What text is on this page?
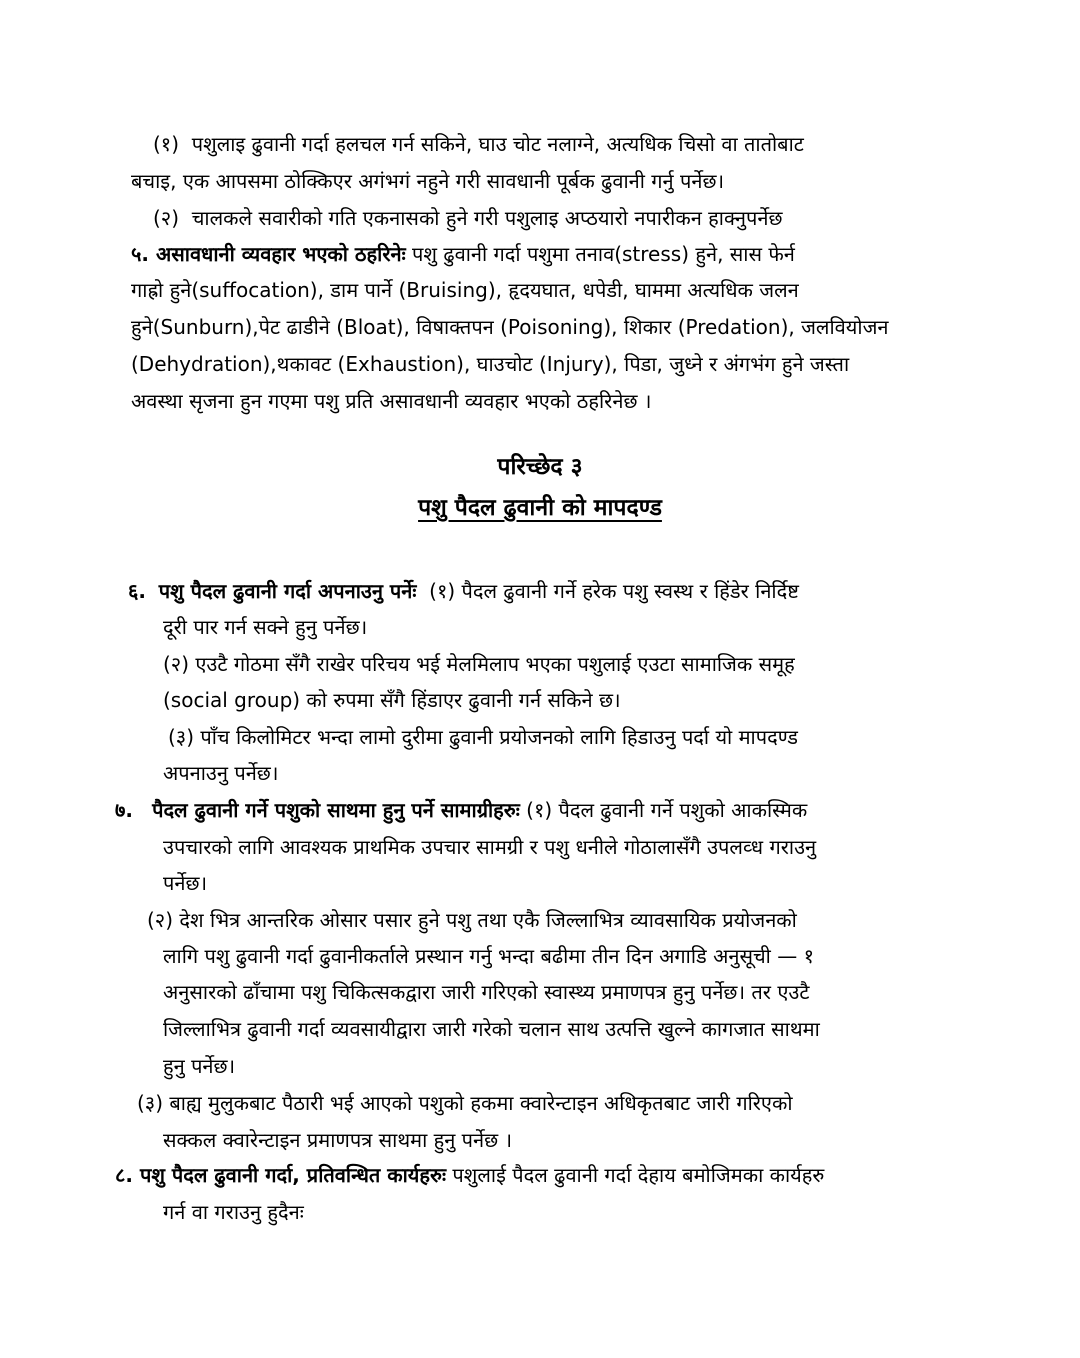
(१) पशुलाइ ढुवानी गर्दा हलचल गर्न सकिने, घाउ चोट नलाग्ने, अत्यधिक चिसो वा तातोबाट
बचाइ, एक आपसमा ठोक्किएर अगंभगं नहुने गरी सावधानी पूर्बक ढुवानी गर्नु पर्नेछ।
(२) चालकले सवारीको गति एकनासको हुने गरी पशुलाइ अप्ठयारो नपारीकन हाक्नुपर्नेछ
५. असावधानी व्यवहार भएको ठहरिनेः पशु ढुवानी गर्दा पशुमा तनाव(stress) हुने, सास फेर्न
गाह्रो हुने(suffocation), डाम पार्ने (Bruising), हृदयघात, धपेडी, घाममा अत्यधिक जलन
हुने(Sunburn),पेट ढाडीने (Bloat), विषाक्तपन (Poisoning), शिकार (Predation), जलवियोजन
(Dehydration),थकावट (Exhaustion), घाउचोट (Injury), पिडा, जुध्ने र अंगभंग हुने जस्ता
अवस्था सृजना हुन गएमा पशु प्रति असावधानी व्यवहार भएको ठहरिनेछ ।
परिच्छेद ३
पशु पैदल ढुवानी को मापदण्ड
६. पशु पैदल ढुवानी गर्दा अपनाउनु पर्नेः (१) पैदल ढुवानी गर्ने हरेक पशु स्वस्थ र हिंडेर निर्दिष्ट
दूरी पार गर्न सक्ने हुनु पर्नेछ।
(२) एउटै गोठमा सँगै राखेर परिचय भई मेलमिलाप भएका पशुलाई एउटा सामाजिक समूह
(social group) को रुपमा सँगै हिंडाएर ढुवानी गर्न सकिने छ।
(३) पाँच किलोमिटर भन्दा लामो दुरीमा ढुवानी प्रयोजनको लागि हिडाउनु पर्दा यो मापदण्ड
अपनाउनु पर्नेछ।
७. पैदल ढुवानी गर्ने पशुको साथमा हुनु पर्ने सामाग्रीहरुः (१) पैदल ढुवानी गर्ने पशुको आकस्मिक
उपचारको लागि आवश्यक प्राथमिक उपचार सामग्री र पशु धनीले गोठालासँगै उपलव्ध गराउनु
पर्नेछ।
(२) देश भित्र आन्तरिक ओसार पसार हुने पशु तथा एकै जिल्लाभित्र व्यावसायिक प्रयोजनको
लागि पशु ढुवानी गर्दा ढुवानीकर्ताले प्रस्थान गर्नु भन्दा बढीमा तीन दिन अगाडि अनुसूची — १
अनुसारको ढाँचामा पशु चिकित्सकद्वारा जारी गरिएको स्वास्थ्य प्रमाणपत्र हुनु पर्नेछ। तर एउटै
जिल्लाभित्र ढुवानी गर्दा व्यवसायीद्वारा जारी गरेको चलान साथ उत्पत्ति खुल्ने कागजात साथमा
हुनु पर्नेछ।
(३) बाह्य मुलुकबाट पैठारी भई आएको पशुको हकमा क्वारेन्टाइन अधिकृतबाट जारी गरिएको
सक्कल क्वारेन्टाइन प्रमाणपत्र साथमा हुनु पर्नेछ ।
८. पशु पैदल ढुवानी गर्दा, प्रतिवन्धित कार्यहरुः पशुलाई पैदल ढुवानी गर्दा देहाय बमोजिमका कार्यहरु
गर्न वा गराउनु हुदैनः
